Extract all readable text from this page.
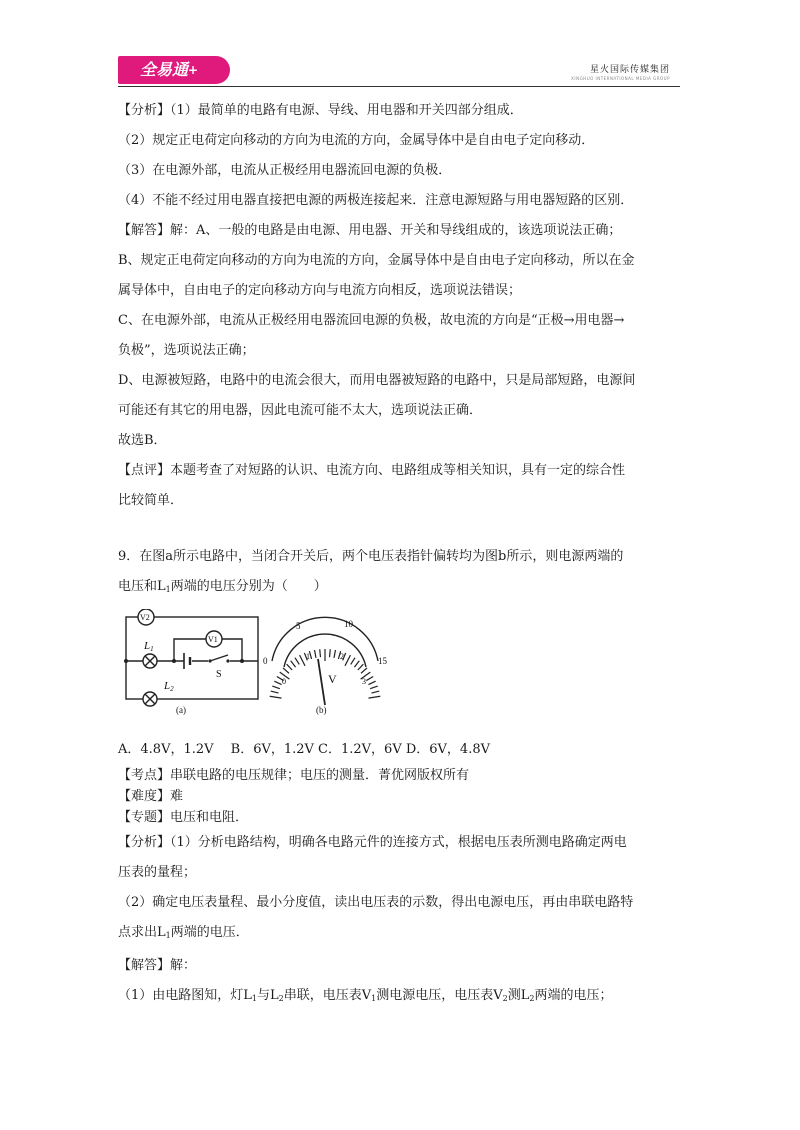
全易通+	星火国际传媒集团
XINGHUO INTERNATIONAL MEDIA GROUP

【分析】（1）最简单的电路有电源、导线、用电器和开关四部分组成．

（2）规定正电荷定向移动的方向为电流的方向，金属导体中是自由电子定向移动．

（3）在电源外部，电流从正极经用电器流回电源的负极．

（4）不能不经过用电器直接把电源的两极连接起来．注意电源短路与用电器短路的区别．

【解答】解：A、一般的电路是由电源、用电器、开关和导线组成的，该选项说法正确；

B、规定正电荷定向移动的方向为电流的方向，金属导体中是自由电子定向移动，所以在金

属导体中，自由电子的定向移动方向与电流方向相反，选项说法错误；

C、在电源外部，电流从正极经用电器流回电源的负极，故电流的方向是“正极→用电器→

负极”，选项说法正确；

D、电源被短路，电路中的电流会很大，而用电器被短路的电路中，只是局部短路，电源间

可能还有其它的用电器，因此电流可能不太大，选项说法正确．

故选B．

【点评】本题考查了对短路的认识、电流方向、电路组成等相关知识，具有一定的综合性

比较简单．

9．在图a所示电路中，当闭合开关后，两个电压表指针偏转均为图b所示，则电源两端的

电压和$L_1$两端的电压分别为（　　）

V2
V1
L1
L2
S
(a)	(b)
V
0
5	10
15
0
1	2
3

A．4.8V，1.2V　 B．6V，1.2V C．1.2V，6V D．6V，4.8V

【考点】串联电路的电压规律；电压的测量．菁优网版权所有

【难度】难

【专题】电压和电阻．

【分析】（1）分析电路结构，明确各电路元件的连接方式，根据电压表所测电路确定两电

压表的量程；

（2）确定电压表量程、最小分度值，读出电压表的示数，得出电源电压，再由串联电路特

点求出$L_1$两端的电压．

【解答】解：

（1）由电路图知，灯$L_1$与$L_2$串联，电压表$V_1$测电源电压，电压表$V_2$测$L_2$两端的电压；
